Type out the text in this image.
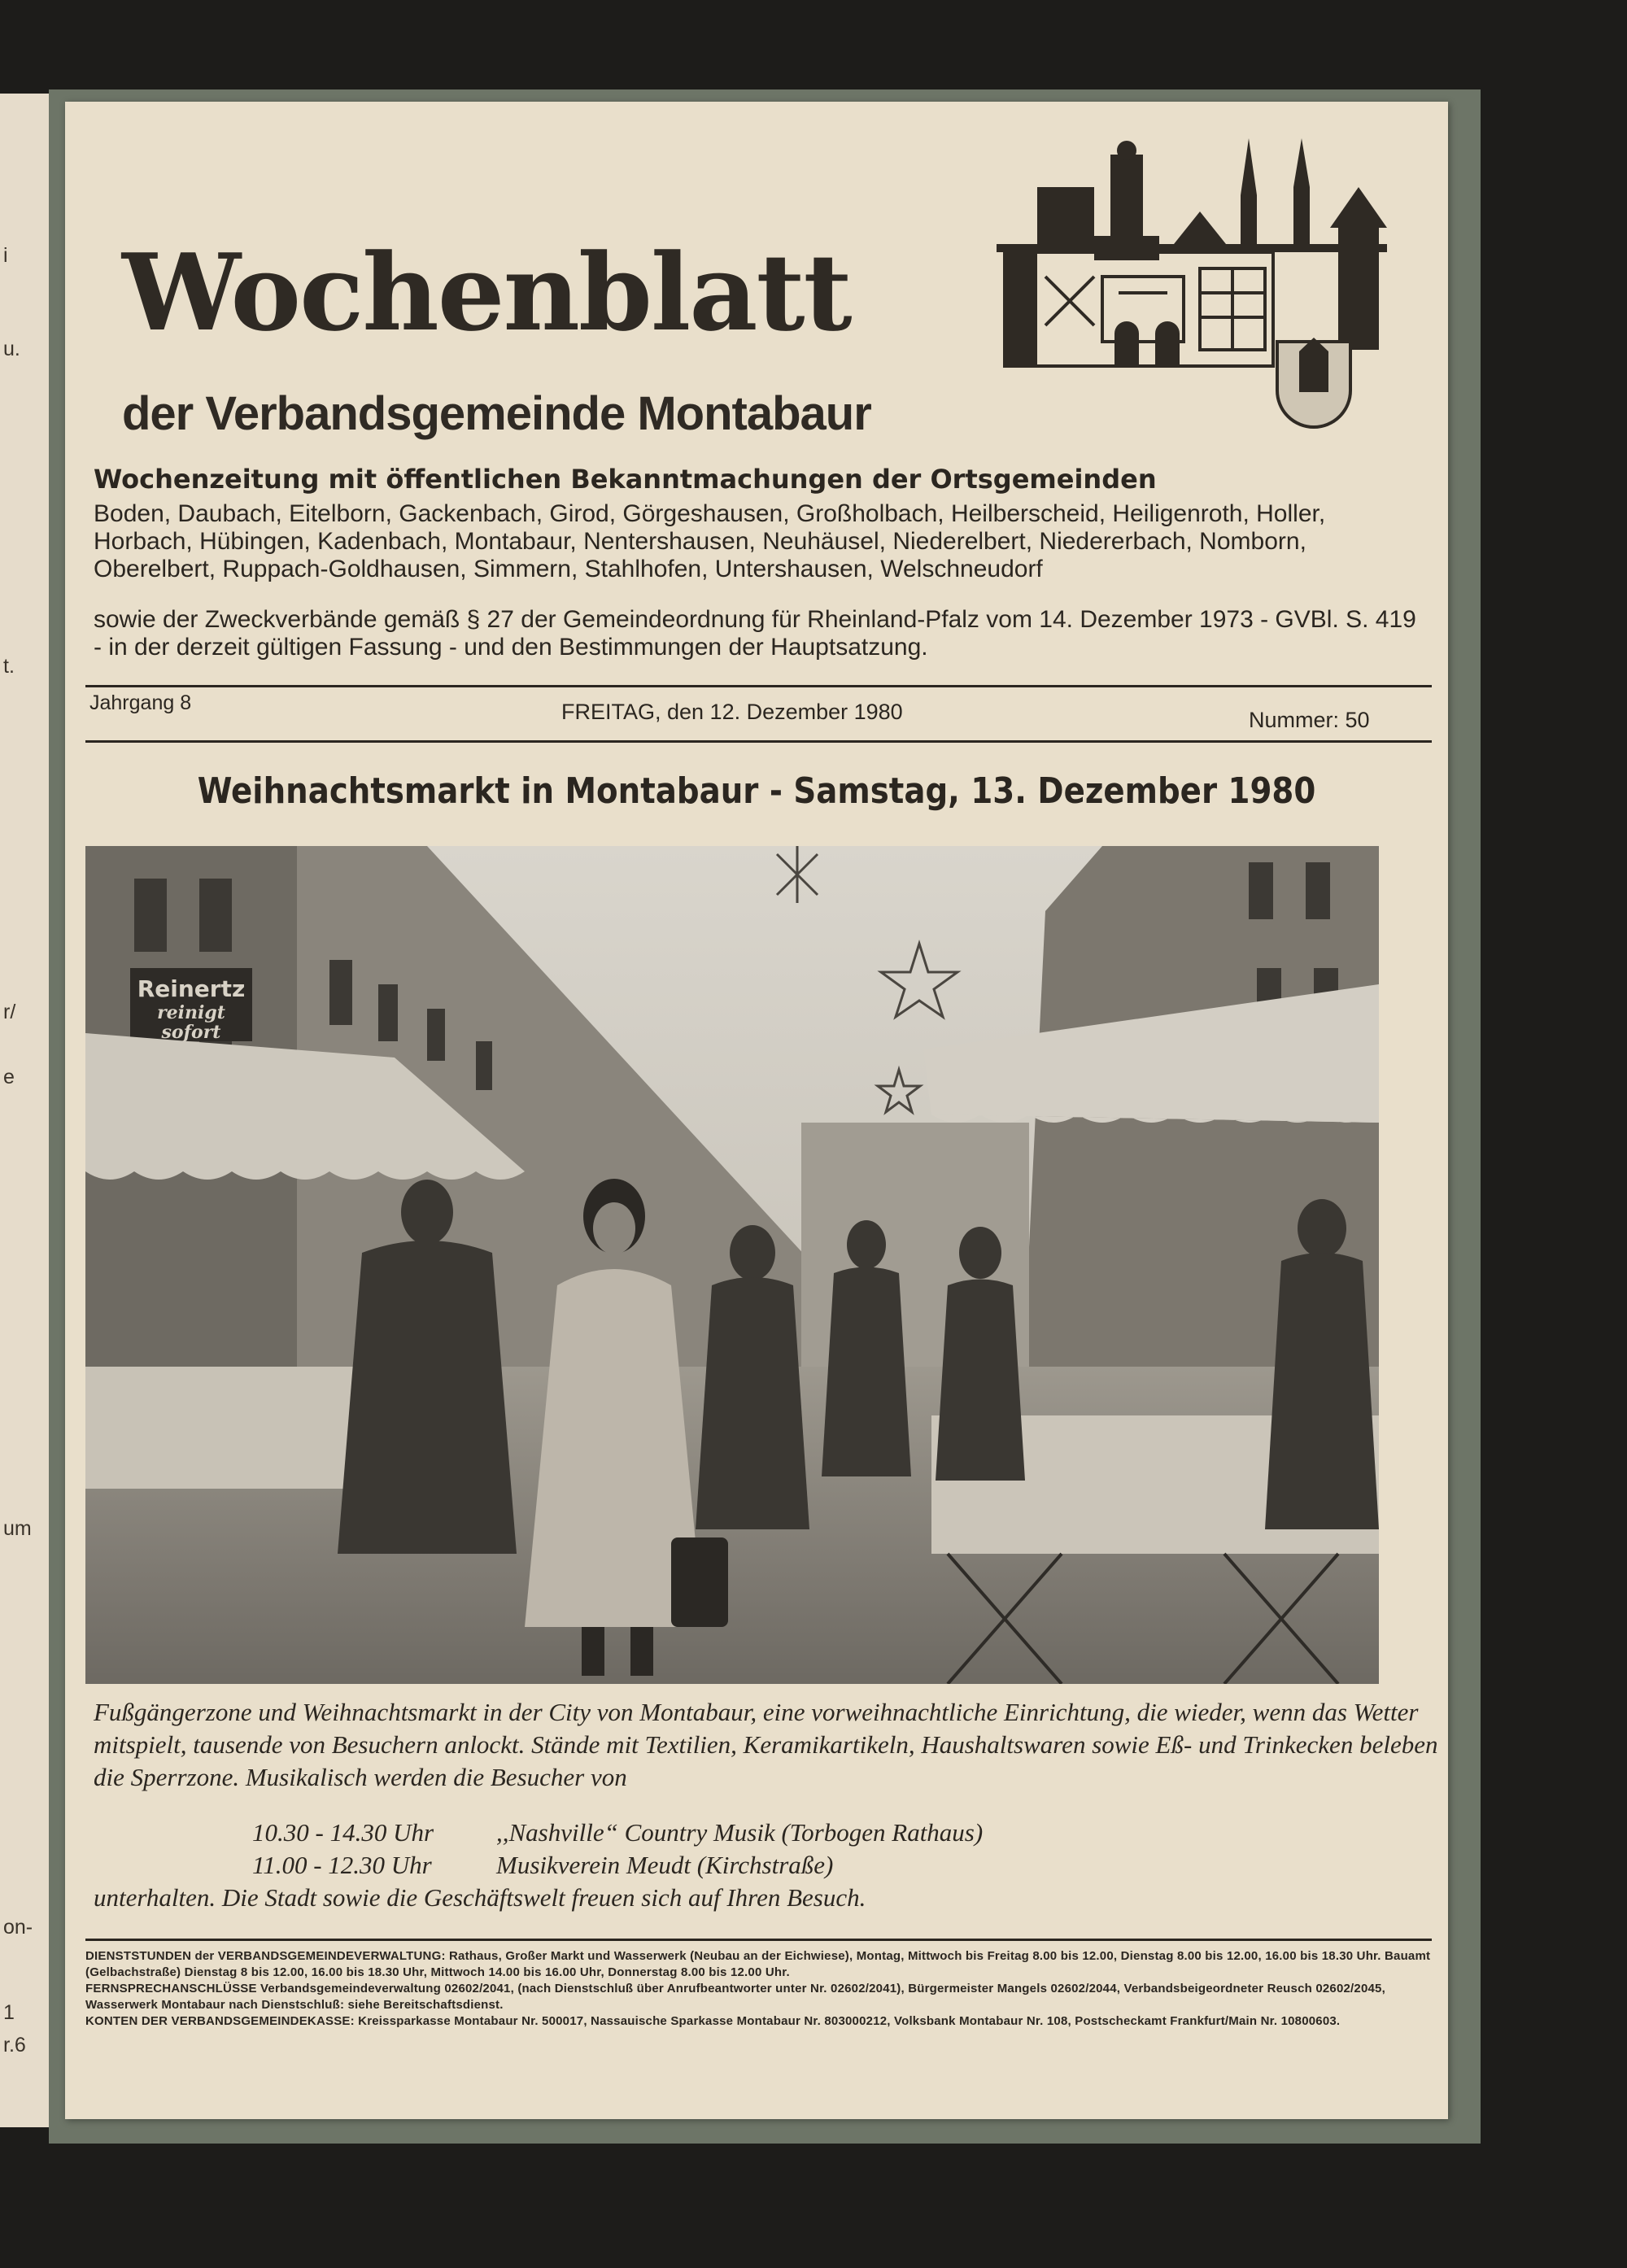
i
u.
t.
r/
e
um
on-
1
r.6
Wochenblatt
der Verbandsgemeinde Montabaur
Wochenzeitung mit öffentlichen Bekanntmachungen der Ortsgemeinden
Boden, Daubach, Eitelborn, Gackenbach, Girod, Görgeshausen, Großholbach, Heilberscheid, Heiligenroth, Holler, Horbach, Hübingen, Kadenbach, Montabaur, Nentershausen, Neuhäusel, Niederelbert, Niedererbach, Nomborn, Oberelbert, Ruppach-Goldhausen, Simmern, Stahlhofen, Untershausen, Welschneudorf
sowie der Zweckverbände gemäß § 27 der Gemeindeordnung für Rheinland-Pfalz vom 14. Dezember 1973 - GVBl. S. 419 - in der derzeit gültigen Fassung - und den Bestimmungen der Hauptsatzung.
Jahrgang 8	FREITAG, den 12. Dezember 1980	Nummer: 50
Weihnachtsmarkt in Montabaur - Samstag, 13. Dezember 1980
Reinertz
reinigt
sofort
Fußgängerzone und Weihnachtsmarkt in der City von Montabaur, eine vorweihnachtliche Einrichtung, die wieder, wenn das Wetter mitspielt, tausende von Besuchern anlockt. Stände mit Textilien, Keramikartikeln, Haushaltswaren sowie Eß- und Trinkecken beleben die Sperrzone. Musikalisch werden die Besucher von
10.30 - 14.30 Uhr ,,Nashville“ Country Musik (Torbogen Rathaus)
11.00 - 12.30 Uhr	Musikverein Meudt (Kirchstraße)
unterhalten. Die Stadt sowie die Geschäftswelt freuen sich auf Ihren Besuch.
DIENSTSTUNDEN der VERBANDSGEMEINDEVERWALTUNG: Rathaus, Großer Markt und Wasserwerk (Neubau an der Eichwiese), Montag, Mittwoch bis Freitag 8.00 bis 12.00, Dienstag 8.00 bis 12.00, 16.00 bis 18.30 Uhr. Bauamt (Gelbachstraße) Dienstag 8 bis 12.00, 16.00 bis 18.30 Uhr, Mittwoch 14.00 bis 16.00 Uhr, Donnerstag 8.00 bis 12.00 Uhr.
FERNSPRECHANSCHLÜSSE Verbandsgemeindeverwaltung 02602/2041, (nach Dienstschluß über Anrufbeantworter unter Nr. 02602/2041), Bürgermeister Mangels 02602/2044, Verbandsbeigeordneter Reusch 02602/2045, Wasserwerk Montabaur nach Dienstschluß: siehe Bereitschaftsdienst.
KONTEN DER VERBANDSGEMEINDEKASSE: Kreissparkasse Montabaur Nr. 500017, Nassauische Sparkasse Montabaur Nr. 803000212, Volksbank Montabaur Nr. 108, Postscheckamt Frankfurt/Main Nr. 10800603.
